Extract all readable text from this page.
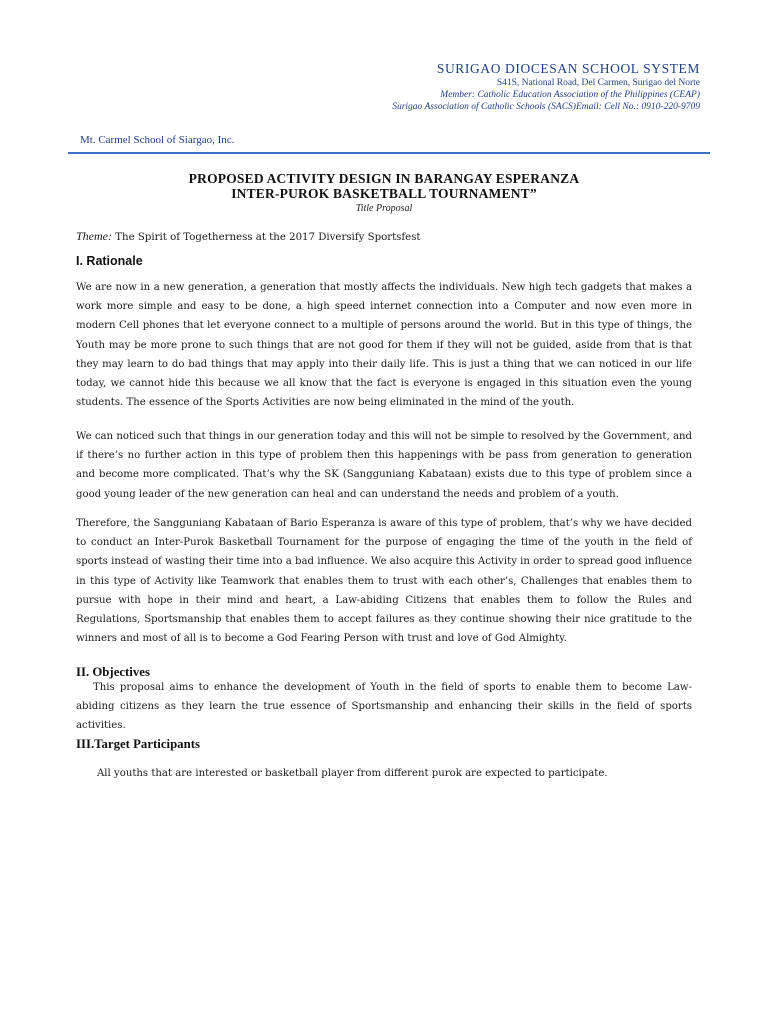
SURIGAO DIOCESAN SCHOOL SYSTEM
S41S, National Road, Del Carmen, Surigao del Norte
Member: Catholic Education Association of the Philippines (CEAP)
Surigao Association of Catholic Schools (SACS)Email: Cell No.: 0910-220-9709
Mt. Carmel School of Siargao, Inc.
PROPOSED ACTIVITY DESIGN IN BARANGAY ESPERANZA
INTER-PUROK BASKETBALL TOURNAMENT”
Title Proposal
Theme: The Spirit of Togetherness at the 2017 Diversify Sportsfest
I. Rationale

We are now in a new generation, a generation that mostly affects the individuals. New high tech gadgets that makes a work more simple and easy to be done, a high speed internet connection into a Computer and now even more in modern Cell phones that let everyone connect to a multiple of persons around the world. But in this type of things, the Youth may be more prone to such things that are not good for them if they will not be guided, aside from that is that they may learn to do bad things that may apply into their daily life. This is just a thing that we can noticed in our life today, we cannot hide this because we all know that the fact is everyone is engaged in this situation even the young students. The essence of the Sports Activities are now being eliminated in the mind of the youth.

We can noticed such that things in our generation today and this will not be simple to resolved by the Government, and if there’s no further action in this type of problem then this happenings with be pass from generation to generation and become more complicated. That’s why the SK (Sangguniang Kabataan) exists due to this type of problem since a good young leader of the new generation can heal and can understand the needs and problem of a youth.

Therefore, the Sangguniang Kabataan of Bario Esperanza is aware of this type of problem, that’s why we have decided to conduct an Inter-Purok Basketball Tournament for the purpose of engaging the time of the youth in the field of sports instead of wasting their time into a bad influence. We also acquire this Activity in order to spread good influence in this type of Activity like Teamwork that enables them to trust with each other’s, Challenges that enables them to pursue with hope in their mind and heart, a Law-abiding Citizens that enables them to follow the Rules and Regulations, Sportsmanship that enables them to accept failures as they continue showing their nice gratitude to the winners and most of all is to become a God Fearing Person with trust and love of God Almighty.

II. Objectives

This proposal aims to enhance the development of Youth in the field of sports to enable them to become Law-abiding citizens as they learn the true essence of Sportsmanship and enhancing their skills in the field of sports activities.

III.Target Participants

All youths that are interested or basketball player from different purok are expected to participate.
